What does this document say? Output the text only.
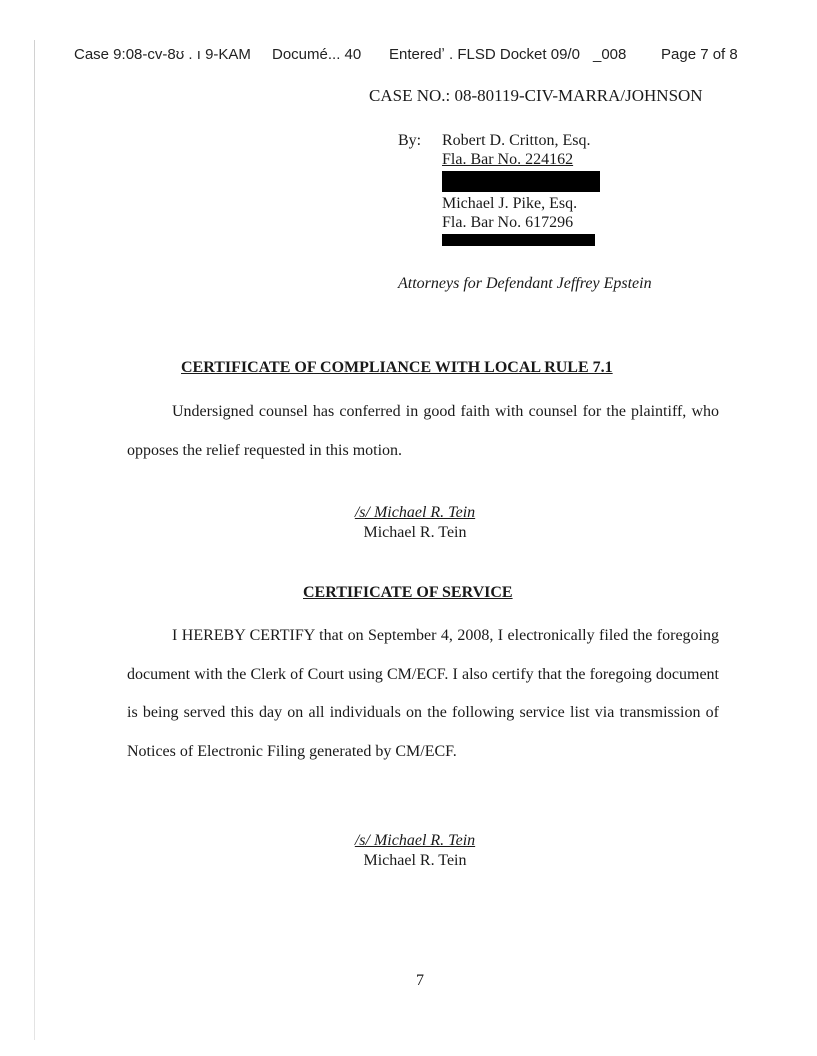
Case 9:08-cv-8ʊ . ı 9-KAM Documé... 40 Enteredʼ . FLSD Docket 09/0 _008 Page 7 of 8
CASE NO.: 08-80119-CIV-MARRA/JOHNSON
By: Robert D. Critton, Esq.
Fla. Bar No. 224162
Michael J. Pike, Esq.
Fla. Bar No. 617296
Attorneys for Defendant Jeffrey Epstein
CERTIFICATE OF COMPLIANCE WITH LOCAL RULE 7.1
Undersigned counsel has conferred in good faith with counsel for the plaintiff, who opposes the relief requested in this motion.
/s/ Michael R. Tein
Michael R. Tein
CERTIFICATE OF SERVICE
I HEREBY CERTIFY that on September 4, 2008, I electronically filed the foregoing document with the Clerk of Court using CM/ECF. I also certify that the foregoing document is being served this day on all individuals on the following service list via transmission of Notices of Electronic Filing generated by CM/ECF.
/s/ Michael R. Tein
Michael R. Tein
7
